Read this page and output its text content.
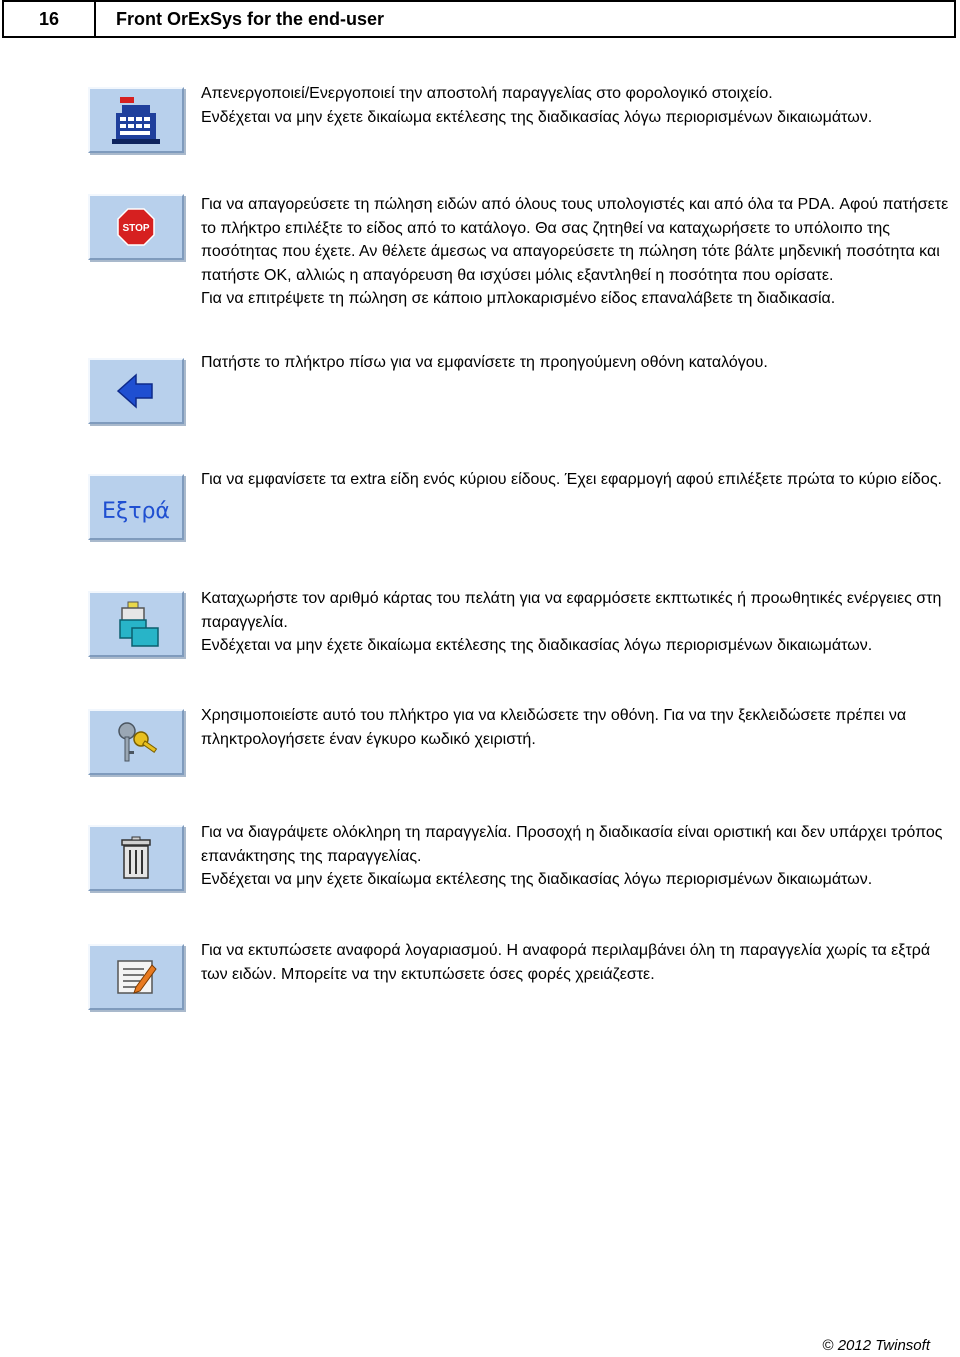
16	Front OrExSys for the end-user

Απενεργοποιεί/Ενεργοποιεί την αποστολή παραγγελίας στο φορολογικό στοιχείο.

Ενδέχεται να μην έχετε δικαίωμα εκτέλεσης της διαδικασίας λόγω περιορισμένων δικαιωμάτων.

STOP

Για να απαγορεύσετε τη πώληση ειδών από όλους τους υπολογιστές και από όλα τα PDA. Αφού πατήσετε το πλήκτρο επιλέξτε το είδος από το κατάλογο. Θα σας ζητηθεί να καταχωρήσετε το υπόλοιπο της ποσότητας που έχετε. Αν θέλετε άμεσως να απαγορεύσετε τη πώληση τότε βάλτε μηδενική ποσότητα και πατήστε ΟΚ, αλλιώς η απαγόρευση θα ισχύσει μόλις εξαντληθεί η ποσότητα που ορίσατε.

Για να επιτρέψετε τη πώληση σε κάποιο μπλοκαρισμένο είδος επαναλάβετε τη διαδικασία.

Πατήστε το πλήκτρο πίσω για να εμφανίσετε τη προηγούμενη οθόνη καταλόγου.

Εξτρά

Για να εμφανίσετε τα extra είδη ενός κύριου είδους. Έχει εφαρμογή αφού επιλέξετε πρώτα το κύριο είδος.

Καταχωρήστε τον αριθμό κάρτας του πελάτη για να εφαρμόσετε εκπτωτικές ή προωθητικές ενέργειες στη παραγγελία.

Ενδέχεται να μην έχετε δικαίωμα εκτέλεσης της διαδικασίας λόγω περιορισμένων δικαιωμάτων.

Χρησιμοποιείστε αυτό του πλήκτρο για να κλειδώσετε την οθόνη. Για να την ξεκλειδώσετε πρέπει να πληκτρολογήσετε έναν έγκυρο κωδικό χειριστή.

Για να διαγράψετε ολόκληρη τη παραγγελία. Προσοχή η διαδικασία είναι οριστική και δεν υπάρχει τρόπος επανάκτησης της παραγγελίας.

Ενδέχεται να μην έχετε δικαίωμα εκτέλεσης της διαδικασίας λόγω περιορισμένων δικαιωμάτων.

Για να εκτυπώσετε αναφορά λογαριασμού. Η αναφορά περιλαμβάνει όλη τη παραγγελία χωρίς τα εξτρά των ειδών. Μπορείτε να την εκτυπώσετε όσες φορές χρειάζεστε.

© 2012 Twinsoft
